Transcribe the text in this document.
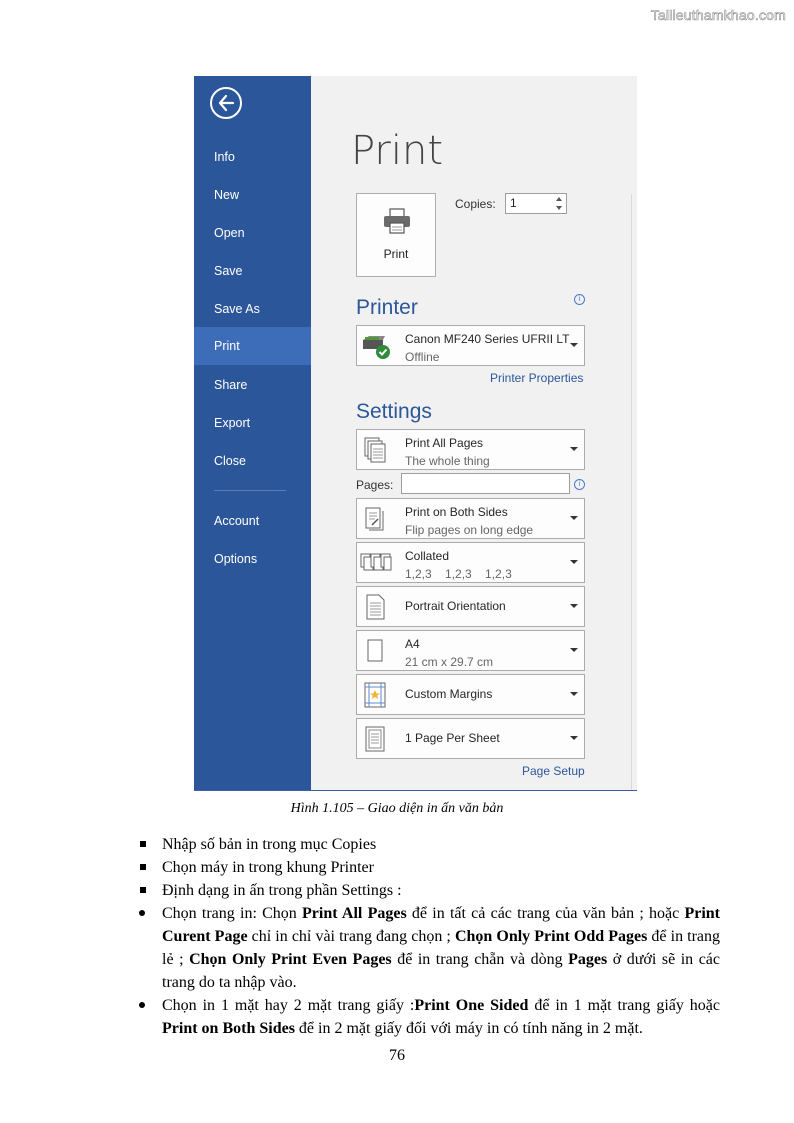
Tailieuthamkhao.com
Info
New
Open
Save
Save As
Print
Share
Export
Close
Account
Options
Print
Print
Copies:	1
Printer	i
Canon MF240 Series UFRII LT
Offline
Printer Properties
Settings
Print All Pages
The whole thing
Pages:	i
Print on Both Sides
Flip pages on long edge
Collated
1,2,3    1,2,3    1,2,3
Portrait Orientation
A4
21 cm x 29.7 cm
Custom Margins
1 Page Per Sheet
Page Setup
Hình 1.105 – Giao diện in ấn văn bản
Nhập số bản in trong mục Copies
Chọn máy in trong khung Printer
Định dạng in ấn trong phần Settings :
Chọn trang in: Chọn Print All Pages để in tất cả các trang của văn bản ; hoặc Print Curent Page chỉ in chỉ vài trang đang chọn ; Chọn Only Print Odd Pages để in trang lẻ ; Chọn Only Print Even Pages để in trang chẵn và dòng Pages ở dưới sẽ in các trang do ta nhập vào.
Chọn in 1 mặt hay 2 mặt trang giấy :Print One Sided để in 1 mặt trang giấy hoặc Print on Both Sides để in 2 mặt giấy đối với máy in có tính năng in 2 mặt.
76
